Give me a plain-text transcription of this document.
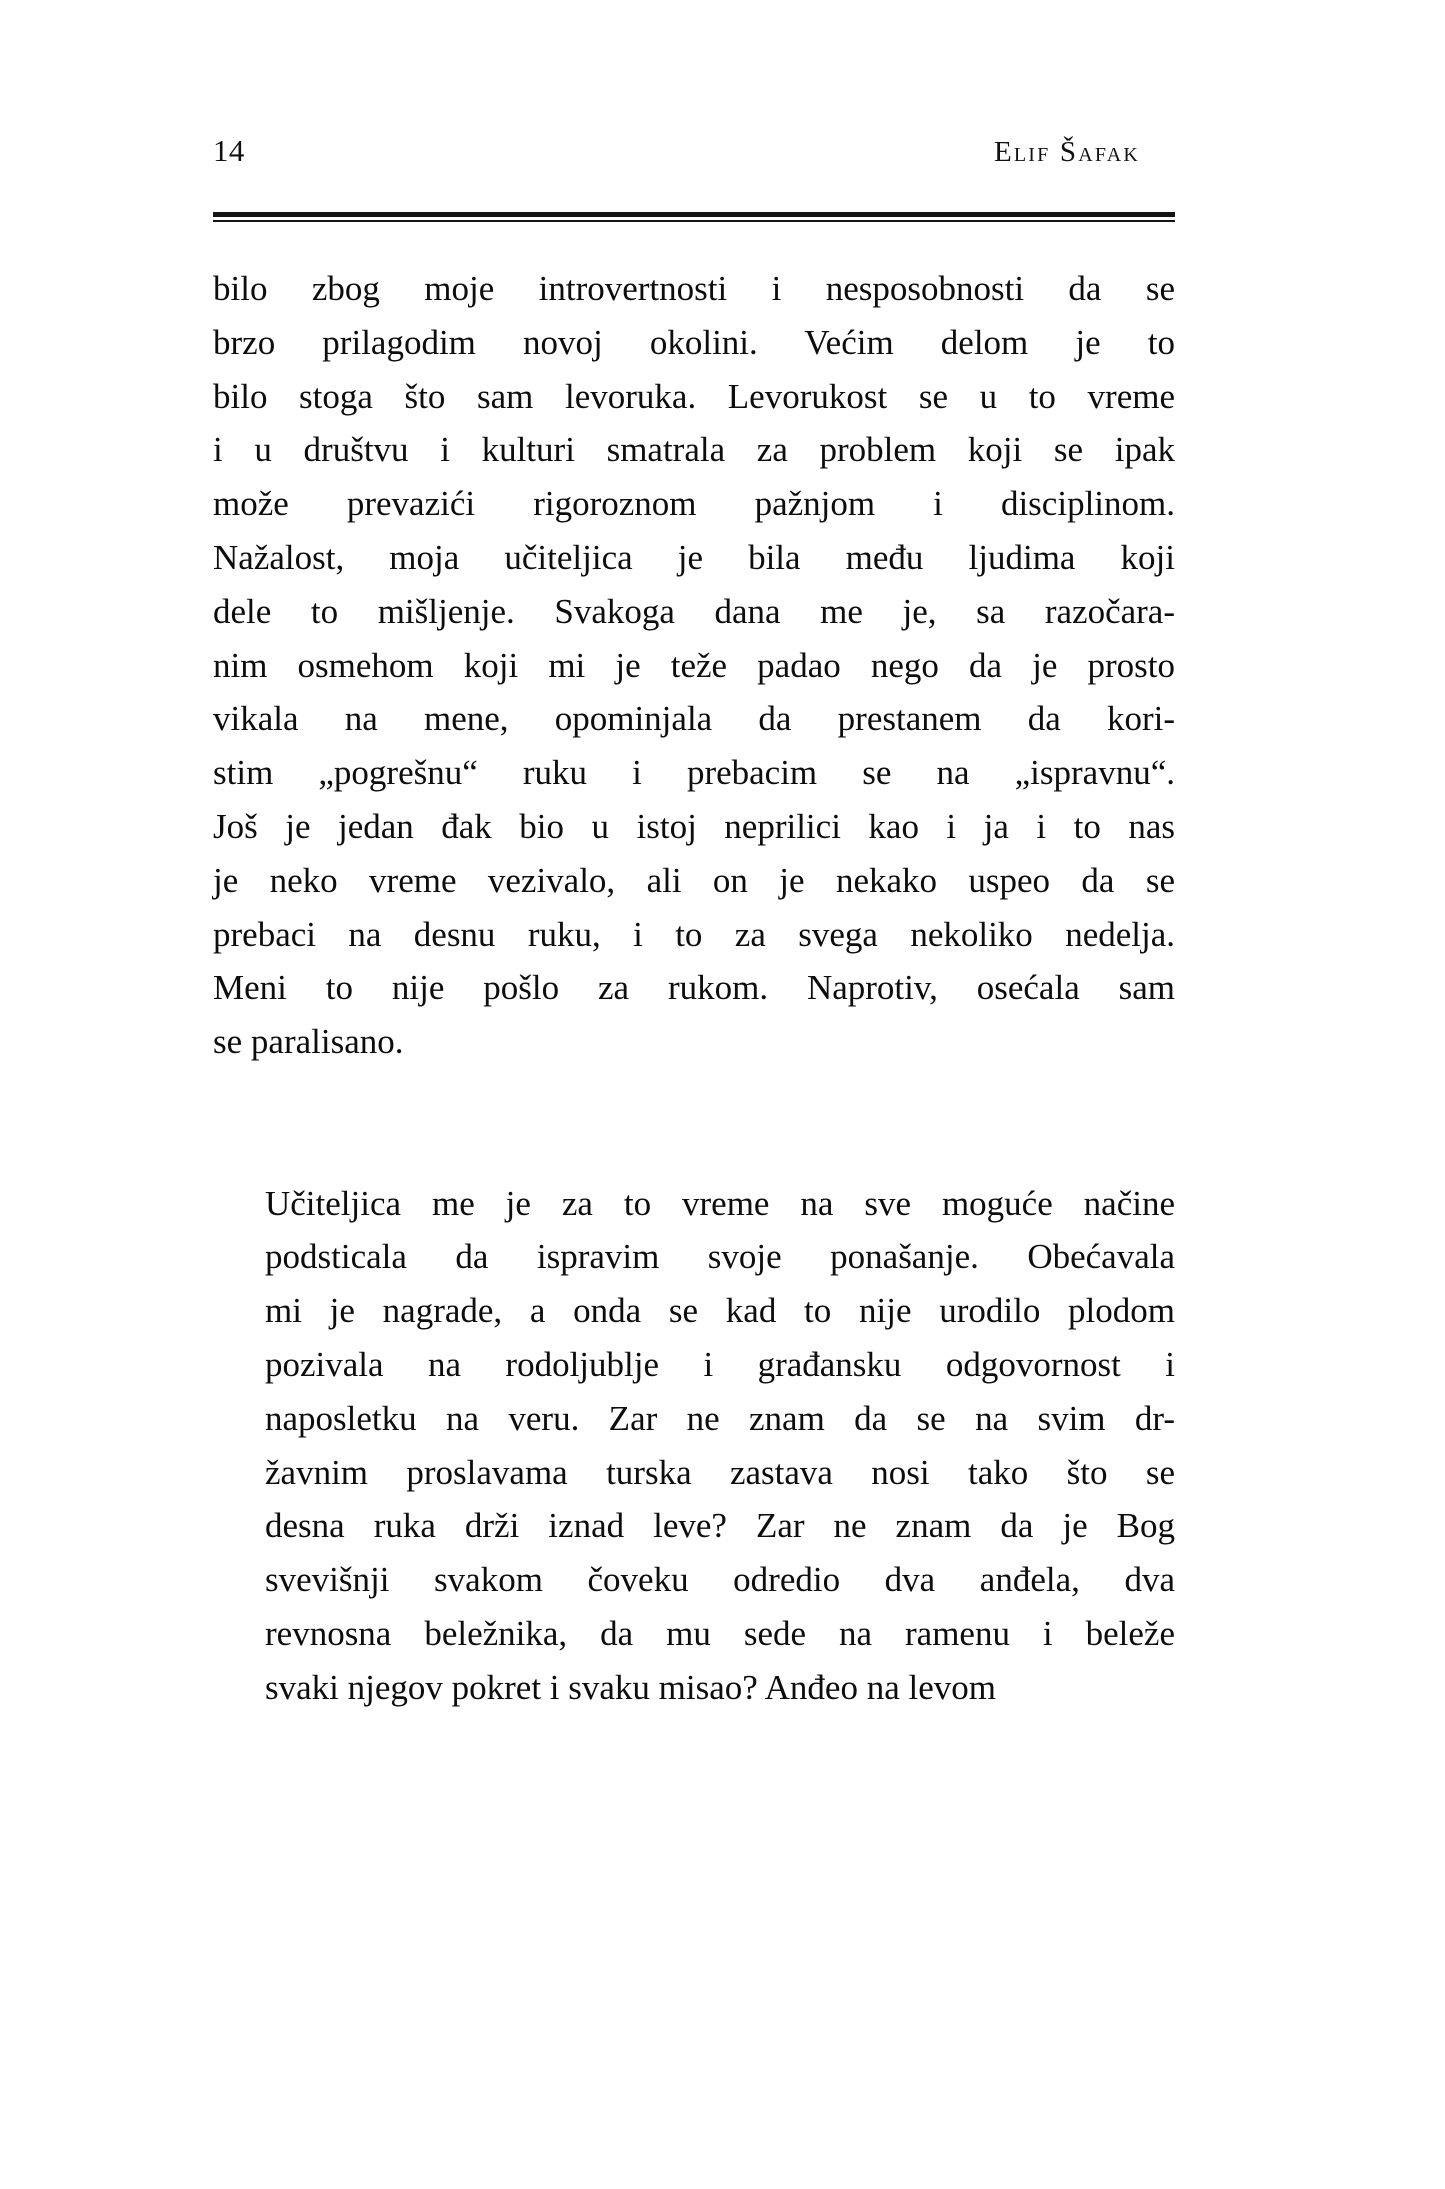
14	Elif Šafak

bilo zbog moje introvertnosti i nesposobnosti da se
brzo prilagodim novoj okolini. Većim delom je to
bilo stoga što sam levoruka. Levorukost se u to vreme
i u društvu i kulturi smatrala za problem koji se ipak
može prevazići rigoroznom pažnjom i disciplinom.
Nažalost, moja učiteljica je bila među ljudima koji
dele to mišljenje. Svakoga dana me je, sa razočara-
nim osmehom koji mi je teže padao nego da je prosto
vikala na mene, opominjala da prestanem da kori-
stim „pogrešnu“ ruku i prebacim se na „ispravnu“.
Još je jedan đak bio u istoj neprilici kao i ja i to nas
je neko vreme vezivalo, ali on je nekako uspeo da se
prebaci na desnu ruku, i to za svega nekoliko nedelja.
Meni to nije pošlo za rukom. Naprotiv, osećala sam
se paralisano.

Učiteljica me je za to vreme na sve moguće načine
podsticala da ispravim svoje ponašanje. Obećavala
mi je nagrade, a onda se kad to nije urodilo plodom
pozivala na rodoljublje i građansku odgovornost i
naposletku na veru. Zar ne znam da se na svim dr-
žavnim proslavama turska zastava nosi tako što se
desna ruka drži iznad leve? Zar ne znam da je Bog
svevišnji svakom čoveku odredio dva anđela, dva
revnosna beležnika, da mu sede na ramenu i beleže
svaki njegov pokret i svaku misao? Anđeo na levom
